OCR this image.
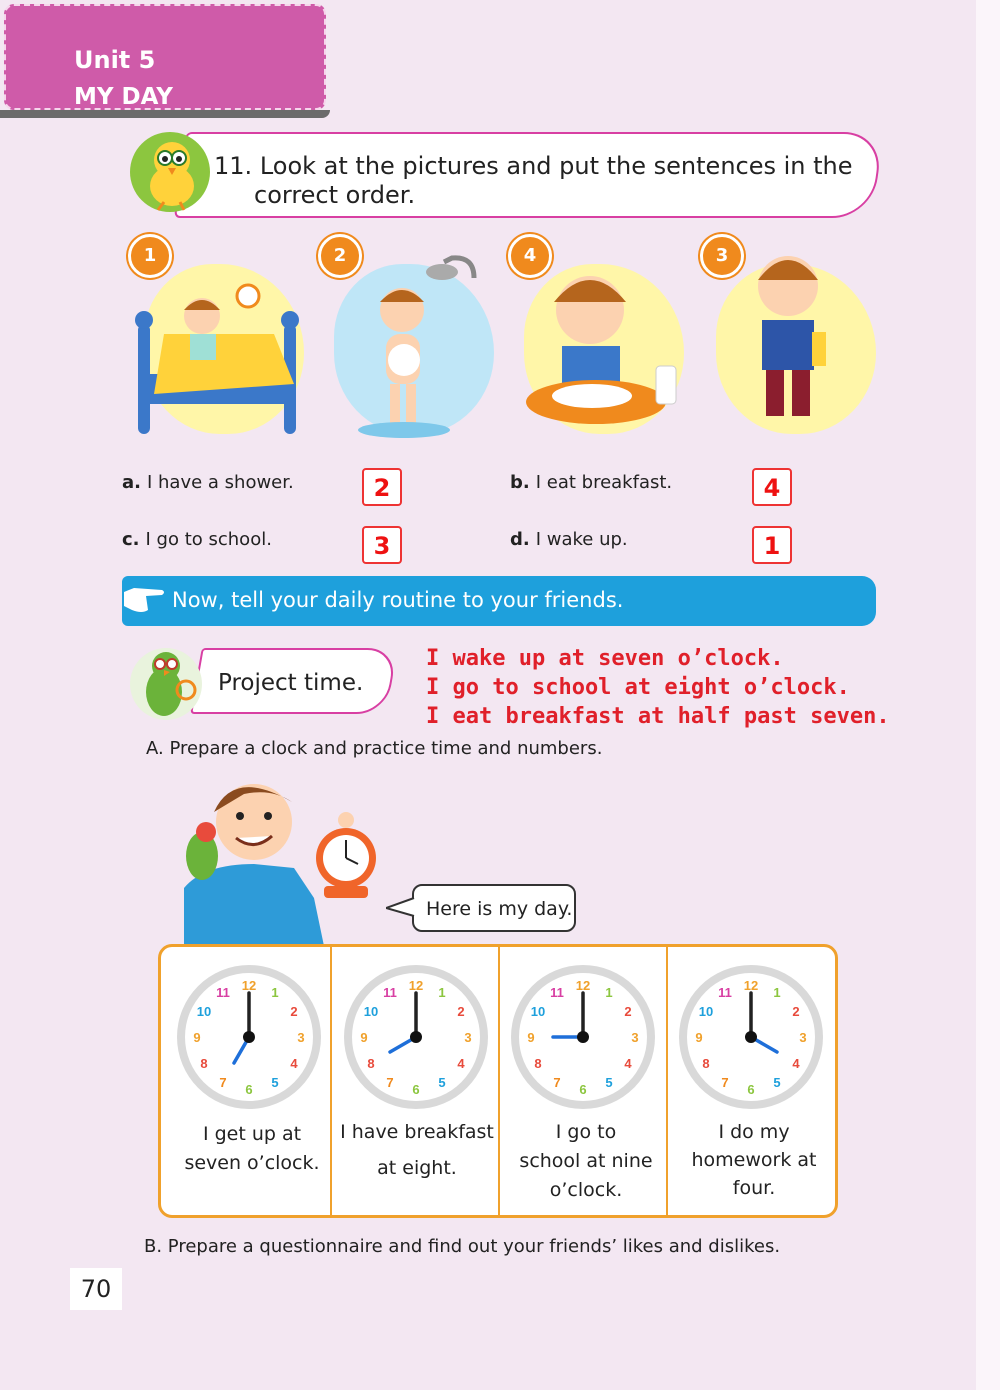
Unit 5
MY DAY
11. Look at the pictures and put the sentences in the
correct order.
1	2	4	3
a. I have a shower.	2	b. I eat breakfast.	4
c. I go to school.	3	d. I wake up.	1
Now, tell your daily routine to your friends.
Project time.
I wake up at seven o’clock.
I go to school at eight o’clock.
I eat breakfast at half past seven.
A. Prepare a clock and practice time and numbers.
Here is my day.
1
2
3
4
5
6
7
8
9
10
11 12	1
2
3
4
5
6
7
8
9
10
11 12	1
2
3
4
5
6
7
8
9
10
11 12	1
2
3
4
5
6
7
8
9
10
11 12
I get up at
seven o’clock.
I have breakfast
at eight.
I go to
school at nine
o’clock.
I do my
homework at
four.
B. Prepare a questionnaire and find out your friends’ likes and dislikes.
70
